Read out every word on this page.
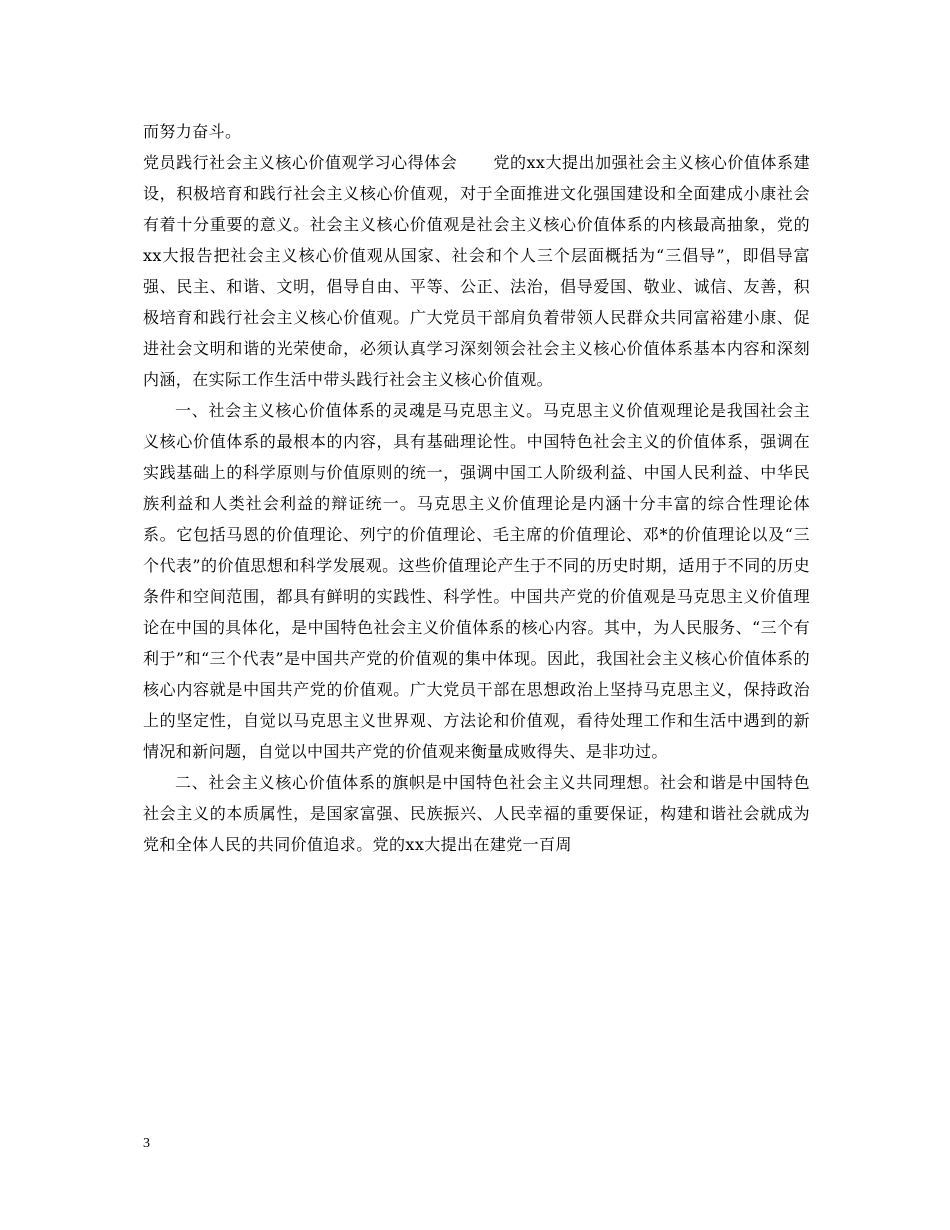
而努力奋斗。

党员践行社会主义核心价值观学习心得体会 党的xx大提出加强社会主义核心价值体系建设，积极培育和践行社会主义核心价值观，对于全面推进文化强国建设和全面建成小康社会有着十分重要的意义。社会主义核心价值观是社会主义核心价值体系的内核最高抽象，党的xx大报告把社会主义核心价值观从国家、社会和个人三个层面概括为“三倡导”，即倡导富强、民主、和谐、文明，倡导自由、平等、公正、法治，倡导爱国、敬业、诚信、友善，积极培育和践行社会主义核心价值观。广大党员干部肩负着带领人民群众共同富裕建小康、促进社会文明和谐的光荣使命，必须认真学习深刻领会社会主义核心价值体系基本内容和深刻内涵，在实际工作生活中带头践行社会主义核心价值观。

一、社会主义核心价值体系的灵魂是马克思主义。马克思主义价值观理论是我国社会主义核心价值体系的最根本的内容，具有基础理论性。中国特色社会主义的价值体系，强调在实践基础上的科学原则与价值原则的统一，强调中国工人阶级利益、中国人民利益、中华民族利益和人类社会利益的辩证统一。马克思主义价值理论是内涵十分丰富的综合性理论体系。它包括马恩的价值理论、列宁的价值理论、毛主席的价值理论、邓*的价值理论以及“三个代表”的价值思想和科学发展观。这些价值理论产生于不同的历史时期，适用于不同的历史条件和空间范围，都具有鲜明的实践性、科学性。中国共产党的价值观是马克思主义价值理论在中国的具体化，是中国特色社会主义价值体系的核心内容。其中，为人民服务、“三个有利于”和“三个代表”是中国共产党的价值观的集中体现。因此，我国社会主义核心价值体系的核心内容就是中国共产党的价值观。广大党员干部在思想政治上坚持马克思主义，保持政治上的坚定性，自觉以马克思主义世界观、方法论和价值观，看待处理工作和生活中遇到的新情况和新问题，自觉以中国共产党的价值观来衡量成败得失、是非功过。

二、社会主义核心价值体系的旗帜是中国特色社会主义共同理想。社会和谐是中国特色社会主义的本质属性，是国家富强、民族振兴、人民幸福的重要保证，构建和谐社会就成为党和全体人民的共同价值追求。党的xx大提出在建党一百周

3
